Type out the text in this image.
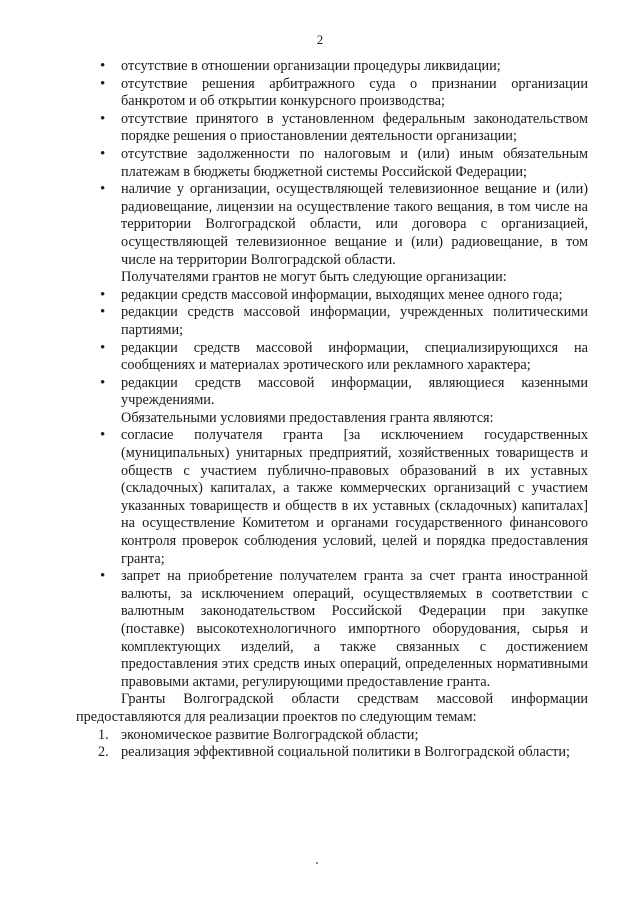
2
• отсутствие в отношении организации процедуры ликвидации;
• отсутствие решения арбитражного суда о признании организации банкротом и об открытии конкурсного производства;
• отсутствие принятого в установленном федеральным законодательством порядке решения о приостановлении деятельности организации;
• отсутствие задолженности по налоговым и (или) иным обязательным платежам в бюджеты бюджетной системы Российской Федерации;
• наличие у организации, осуществляющей телевизионное вещание и (или) радиовещание, лицензии на осуществление такого вещания, в том числе на территории Волгоградской области, или договора с организацией, осуществляющей телевизионное вещание и (или) радиовещание, в том числе на территории Волгоградской области.

Получателями грантов не могут быть следующие организации:

• редакции средств массовой информации, выходящих менее одного года;
• редакции средств массовой информации, учрежденных политическими партиями;
• редакции средств массовой информации, специализирующихся на сообщениях и материалах эротического или рекламного характера;
• редакции средств массовой информации, являющиеся казенными учреждениями.

Обязательными условиями предоставления гранта являются:

• согласие получателя гранта [за исключением государственных (муниципальных) унитарных предприятий, хозяйственных товариществ и обществ с участием публично-правовых образований в их уставных (складочных) капиталах, а также коммерческих организаций с участием указанных товариществ и обществ в их уставных (складочных) капиталах] на осуществление Комитетом и органами государственного финансового контроля проверок соблюдения условий, целей и порядка предоставления гранта;
• запрет на приобретение получателем гранта за счет гранта иностранной валюты, за исключением операций, осуществляемых в соответствии с валютным законодательством Российской Федерации при закупке (поставке) высокотехнологичного импортного оборудования, сырья и комплектующих изделий, а также связанных с достижением предоставления этих средств иных операций, определенных нормативными правовыми актами, регулирующими предоставление гранта.

Гранты Волгоградской области средствам массовой информации предоставляются для реализации проектов по следующим темам:

1. экономическое развитие Волгоградской области;
2. реализация эффективной социальной политики в Волгоградской области;
